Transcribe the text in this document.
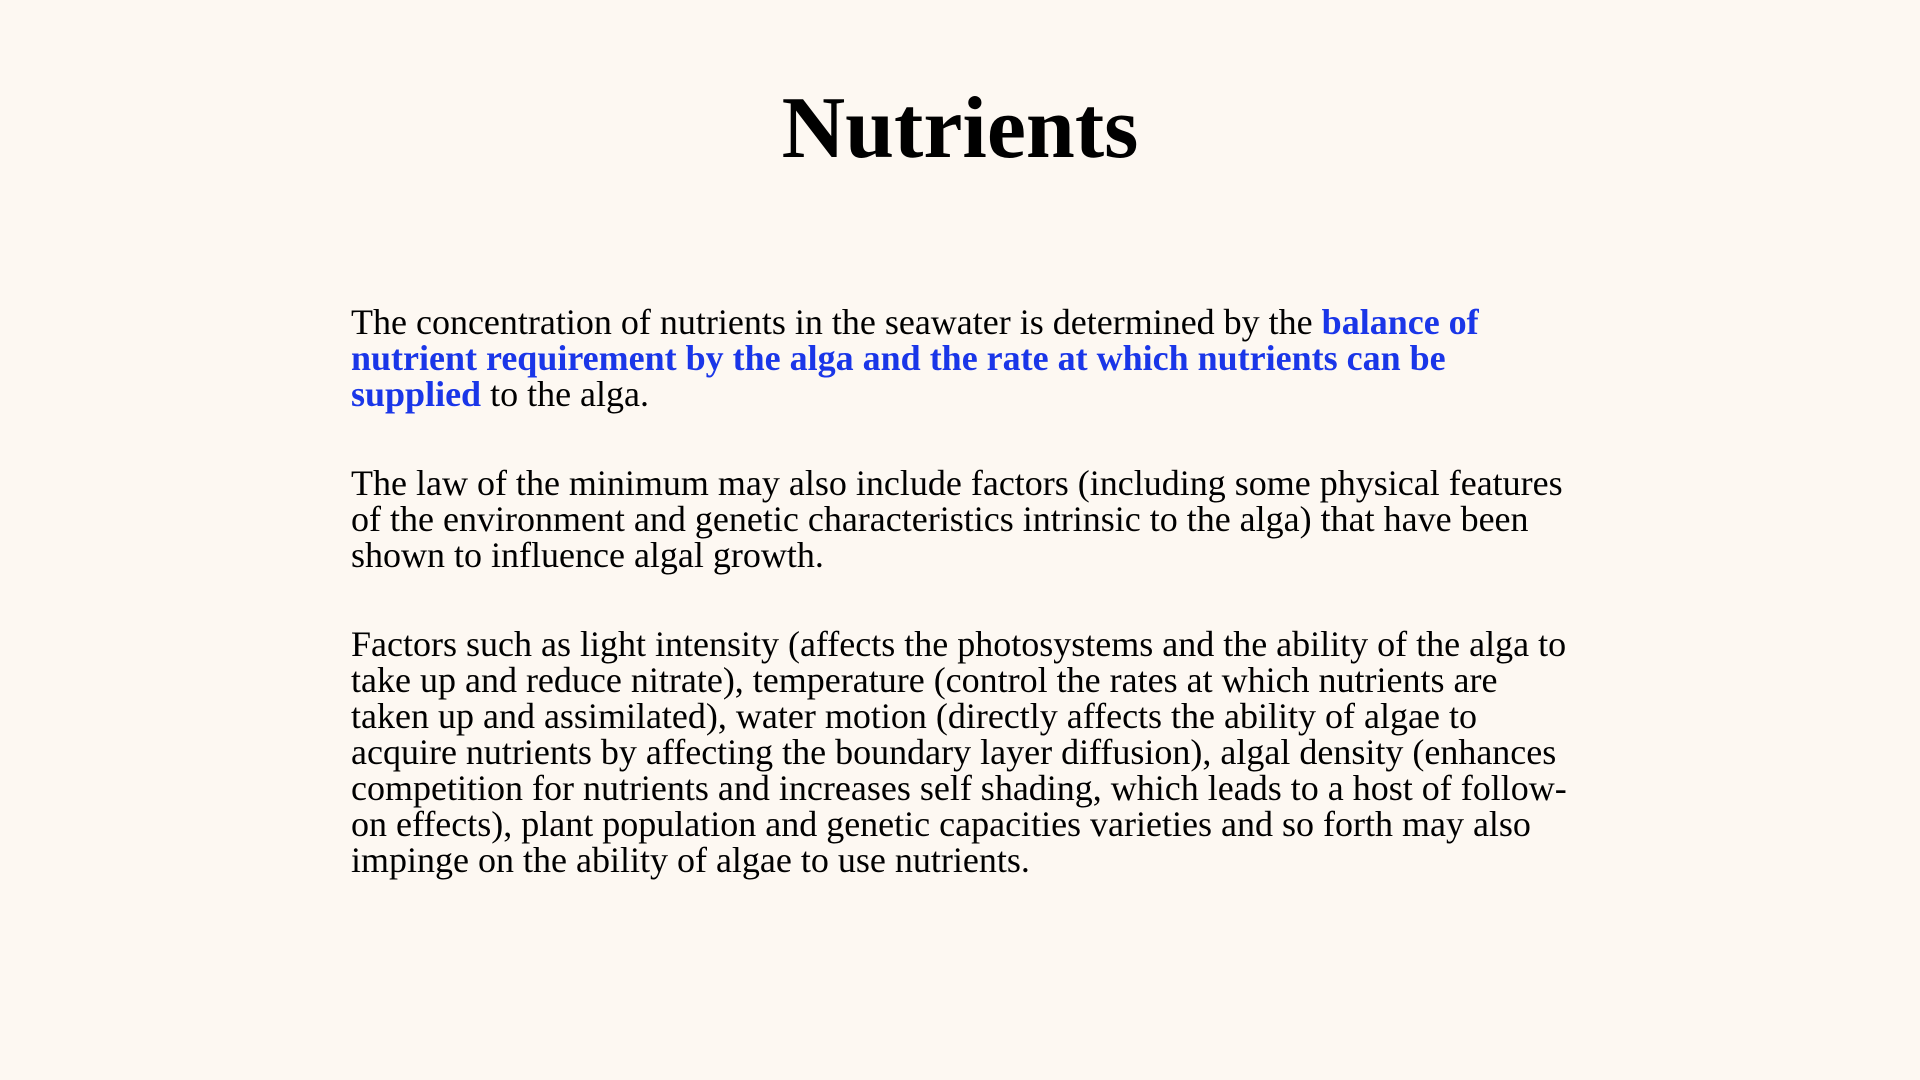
Nutrients

The concentration of nutrients in the seawater is determined by the balance of nutrient requirement by the alga and the rate at which nutrients can be supplied to the alga.

The law of the minimum may also include factors (including some physical features of the environment and genetic characteristics intrinsic to the alga) that have been shown to influence algal growth.

Factors such as light intensity (affects the photosystems and the ability of the alga to take up and reduce nitrate), temperature (control the rates at which nutrients are taken up and assimilated), water motion (directly affects the ability of algae to acquire nutrients by affecting the boundary layer diffusion), algal density (enhances competition for nutrients and increases self shading, which leads to a host of follow-on effects), plant population and genetic capacities varieties and so forth may also impinge on the ability of algae to use nutrients.
